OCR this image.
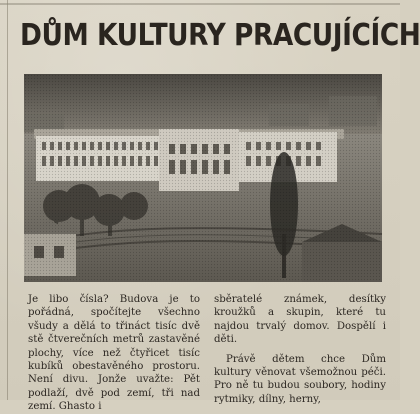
DŮM KULTURY PRACUJÍCÍCH

Je libo čísla? Budova je to pořádná, spočítejte všechno všudy a dělá to třináct tisíc dvě stě čtverečních metrů zastavěné plochy, více než čtyřicet tisíc kubíků obestavěného prostoru. Není divu. Jonže uvažte: Pět podlaží, dvě pod zemí, tři nad zemí. Ghasto i

sběratelé známek, desítky kroužků a skupin, které tu najdou trvalý domov. Dospělí i děti.

Právě dětem chce Dům kultury věnovat všemožnou péči. Pro ně tu budou soubory, hodiny rytmiky, dílny, herny,
